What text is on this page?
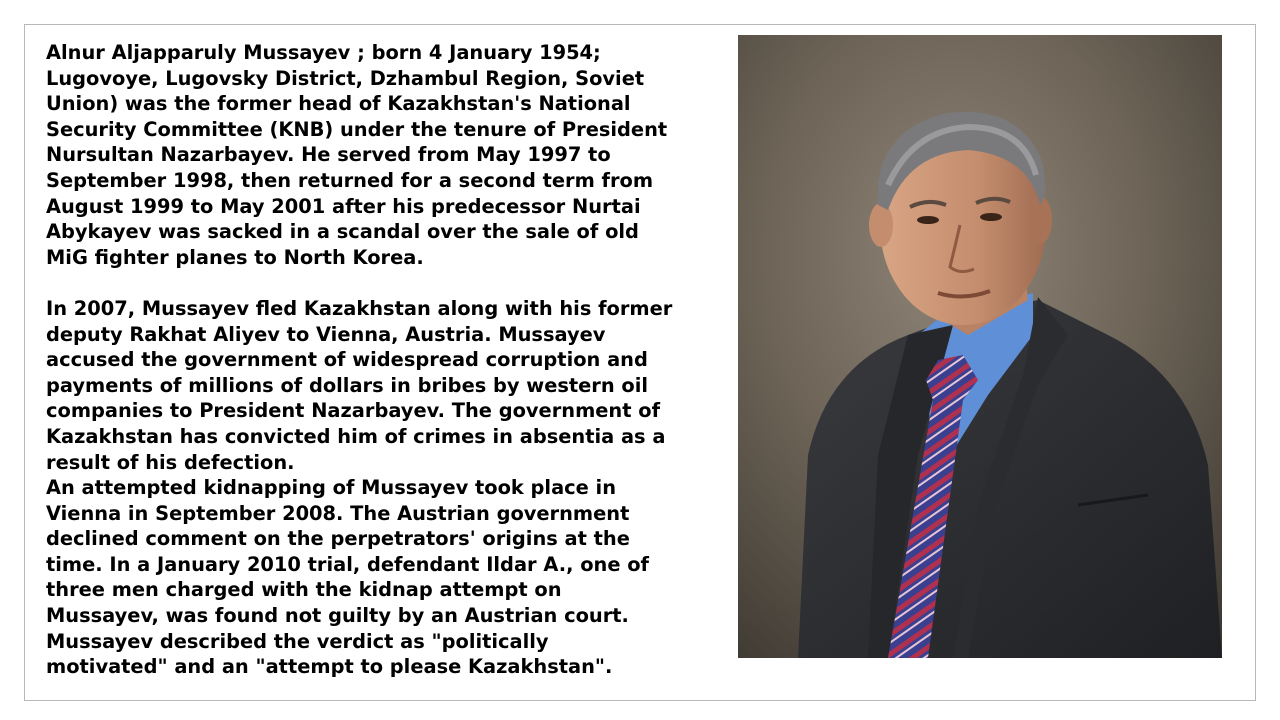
Alnur Aljapparuly Mussayev ; born 4 January 1954;
Lugovoye, Lugovsky District, Dzhambul Region, Soviet
Union) was the former head of Kazakhstan's National
Security Committee (KNB) under the tenure of President
Nursultan Nazarbayev. He served from May 1997 to
September 1998, then returned for a second term from
August 1999 to May 2001 after his predecessor Nurtai
Abykayev was sacked in a scandal over the sale of old
MiG fighter planes to North Korea.

In 2007, Mussayev fled Kazakhstan along with his former
deputy Rakhat Aliyev to Vienna, Austria. Mussayev
accused the government of widespread corruption and
payments of millions of dollars in bribes by western oil
companies to President Nazarbayev. The government of
Kazakhstan has convicted him of crimes in absentia as a
result of his defection.

An attempted kidnapping of Mussayev took place in
Vienna in September 2008. The Austrian government
declined comment on the perpetrators' origins at the
time. In a January 2010 trial, defendant Ildar A., one of
three men charged with the kidnap attempt on
Mussayev, was found not guilty by an Austrian court.
Mussayev described the verdict as "politically
motivated" and an "attempt to please Kazakhstan".
